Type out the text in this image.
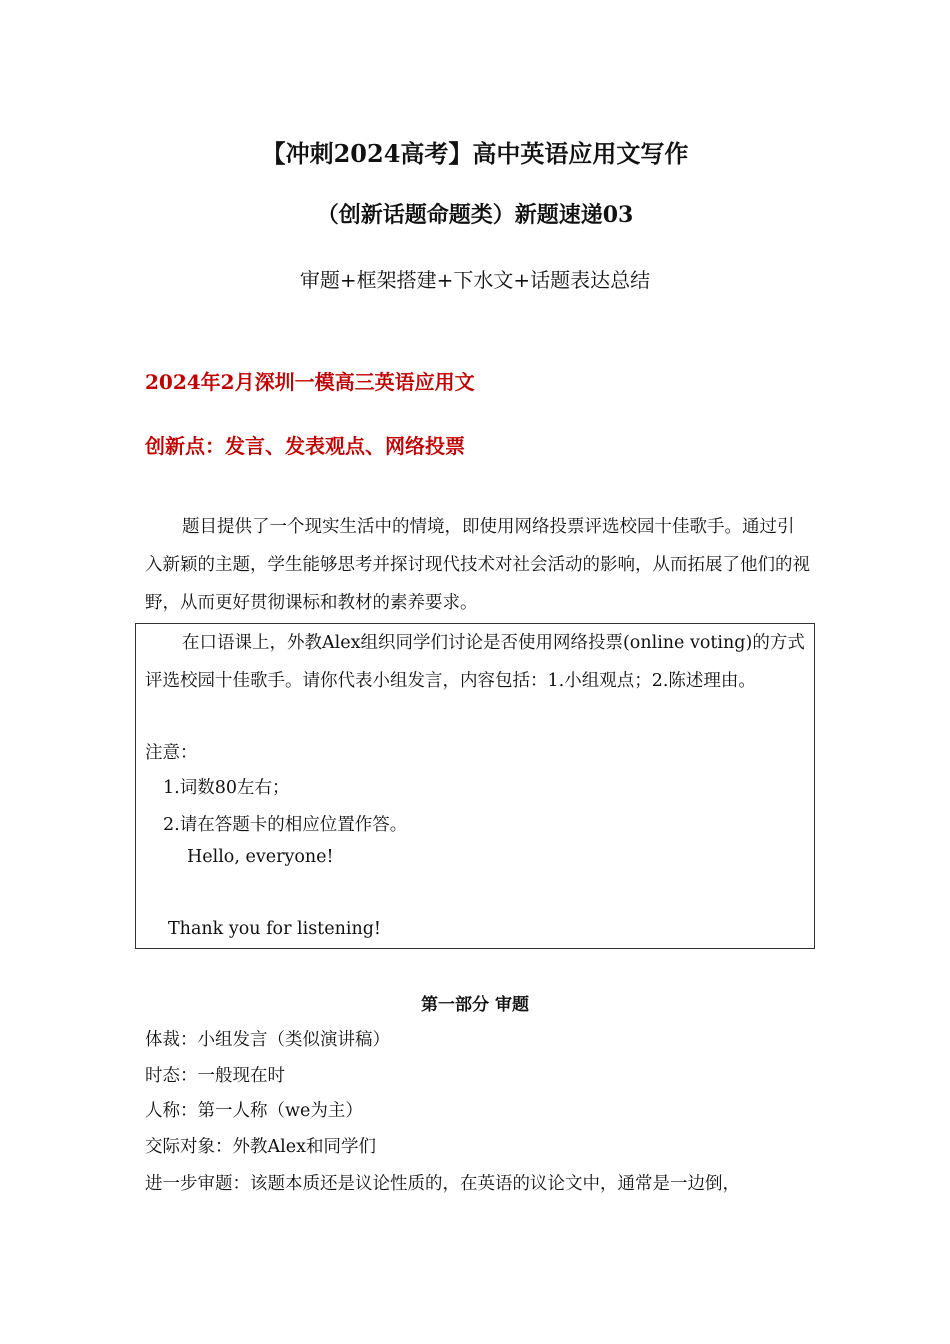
【冲刺2024高考】高中英语应用文写作
（创新话题命题类）新题速递03
审题+框架搭建+下水文+话题表达总结
2024年2月深圳一模高三英语应用文
创新点：发言、发表观点、网络投票
题目提供了一个现实生活中的情境，即使用网络投票评选校园十佳歌手。通过引入新颖的主题，学生能够思考并探讨现代技术对社会活动的影响，从而拓展了他们的视野，从而更好贯彻课标和教材的素养要求。
在口语课上，外教Alex组织同学们讨论是否使用网络投票(online voting)的方式评选校园十佳歌手。请你代表小组发言，内容包括：1.小组观点；2.陈述理由。
注意：
1.词数80左右；
2.请在答题卡的相应位置作答。
Hello, everyone!
Thank you for listening!
第一部分 审题
体裁：小组发言（类似演讲稿）
时态：一般现在时
人称：第一人称（we为主）
交际对象：外教Alex和同学们
进一步审题：该题本质还是议论性质的，在英语的议论文中，通常是一边倒，
